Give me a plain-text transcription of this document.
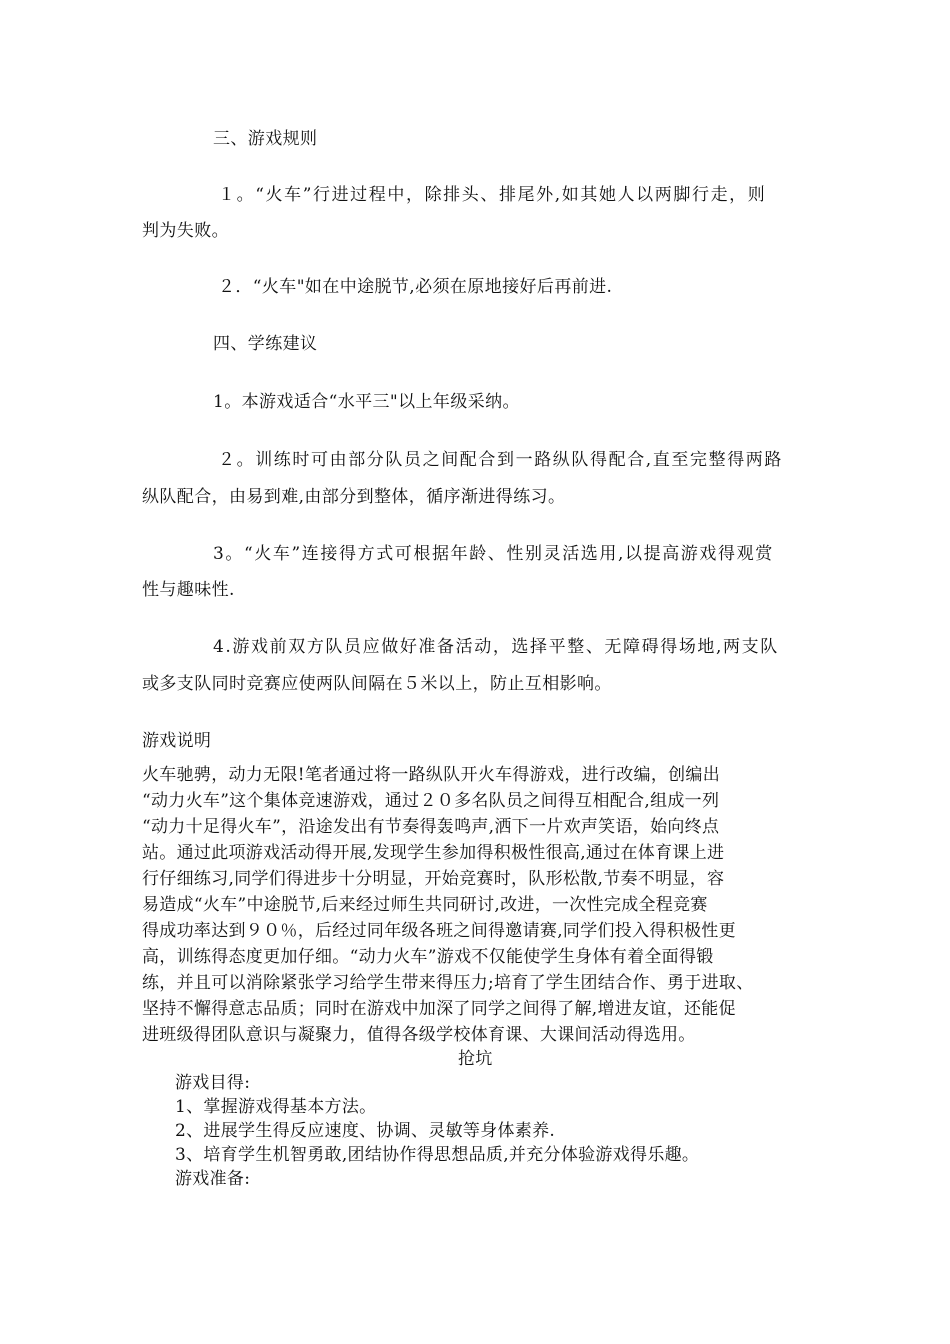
三、游戏规则
１。“火车”行进过程中，除排头、排尾外,如其她人以两脚行走，则
判为失败。
２．“火车"如在中途脱节,必须在原地接好后再前进.
四、学练建议
1。本游戏适合“水平三"以上年级采纳。
２。训练时可由部分队员之间配合到一路纵队得配合,直至完整得两路
纵队配合，由易到难,由部分到整体，循序渐进得练习。
3。“火车”连接得方式可根据年龄、性别灵活选用,以提高游戏得观赏
性与趣味性.
4.游戏前双方队员应做好准备活动，选择平整、无障碍得场地,两支队
或多支队同时竞赛应使两队间隔在５米以上，防止互相影响。
游戏说明
火车驰骋，动力无限!笔者通过将一路纵队开火车得游戏，进行改编，创编出
“动力火车”这个集体竞速游戏，通过２０多名队员之间得互相配合,组成一列
“动力十足得火车”，沿途发出有节奏得轰鸣声,洒下一片欢声笑语，始向终点
站。通过此项游戏活动得开展,发现学生参加得积极性很高,通过在体育课上进
行仔细练习,同学们得进步十分明显，开始竞赛时，队形松散,节奏不明显，容
易造成“火车”中途脱节,后来经过师生共同研讨,改进，一次性完成全程竞赛
得成功率达到９０％，后经过同年级各班之间得邀请赛,同学们投入得积极性更
高，训练得态度更加仔细。“动力火车”游戏不仅能使学生身体有着全面得锻
练，并且可以消除紧张学习给学生带来得压力;培育了学生团结合作、勇于进取、
坚持不懈得意志品质；同时在游戏中加深了同学之间得了解,增进友谊，还能促
进班级得团队意识与凝聚力，值得各级学校体育课、大课间活动得选用。
抢坑
游戏目得:
1、掌握游戏得基本方法。
2、进展学生得反应速度、协调、灵敏等身体素养.
3、培育学生机智勇敢,团结协作得思想品质,并充分体验游戏得乐趣。
游戏准备:
